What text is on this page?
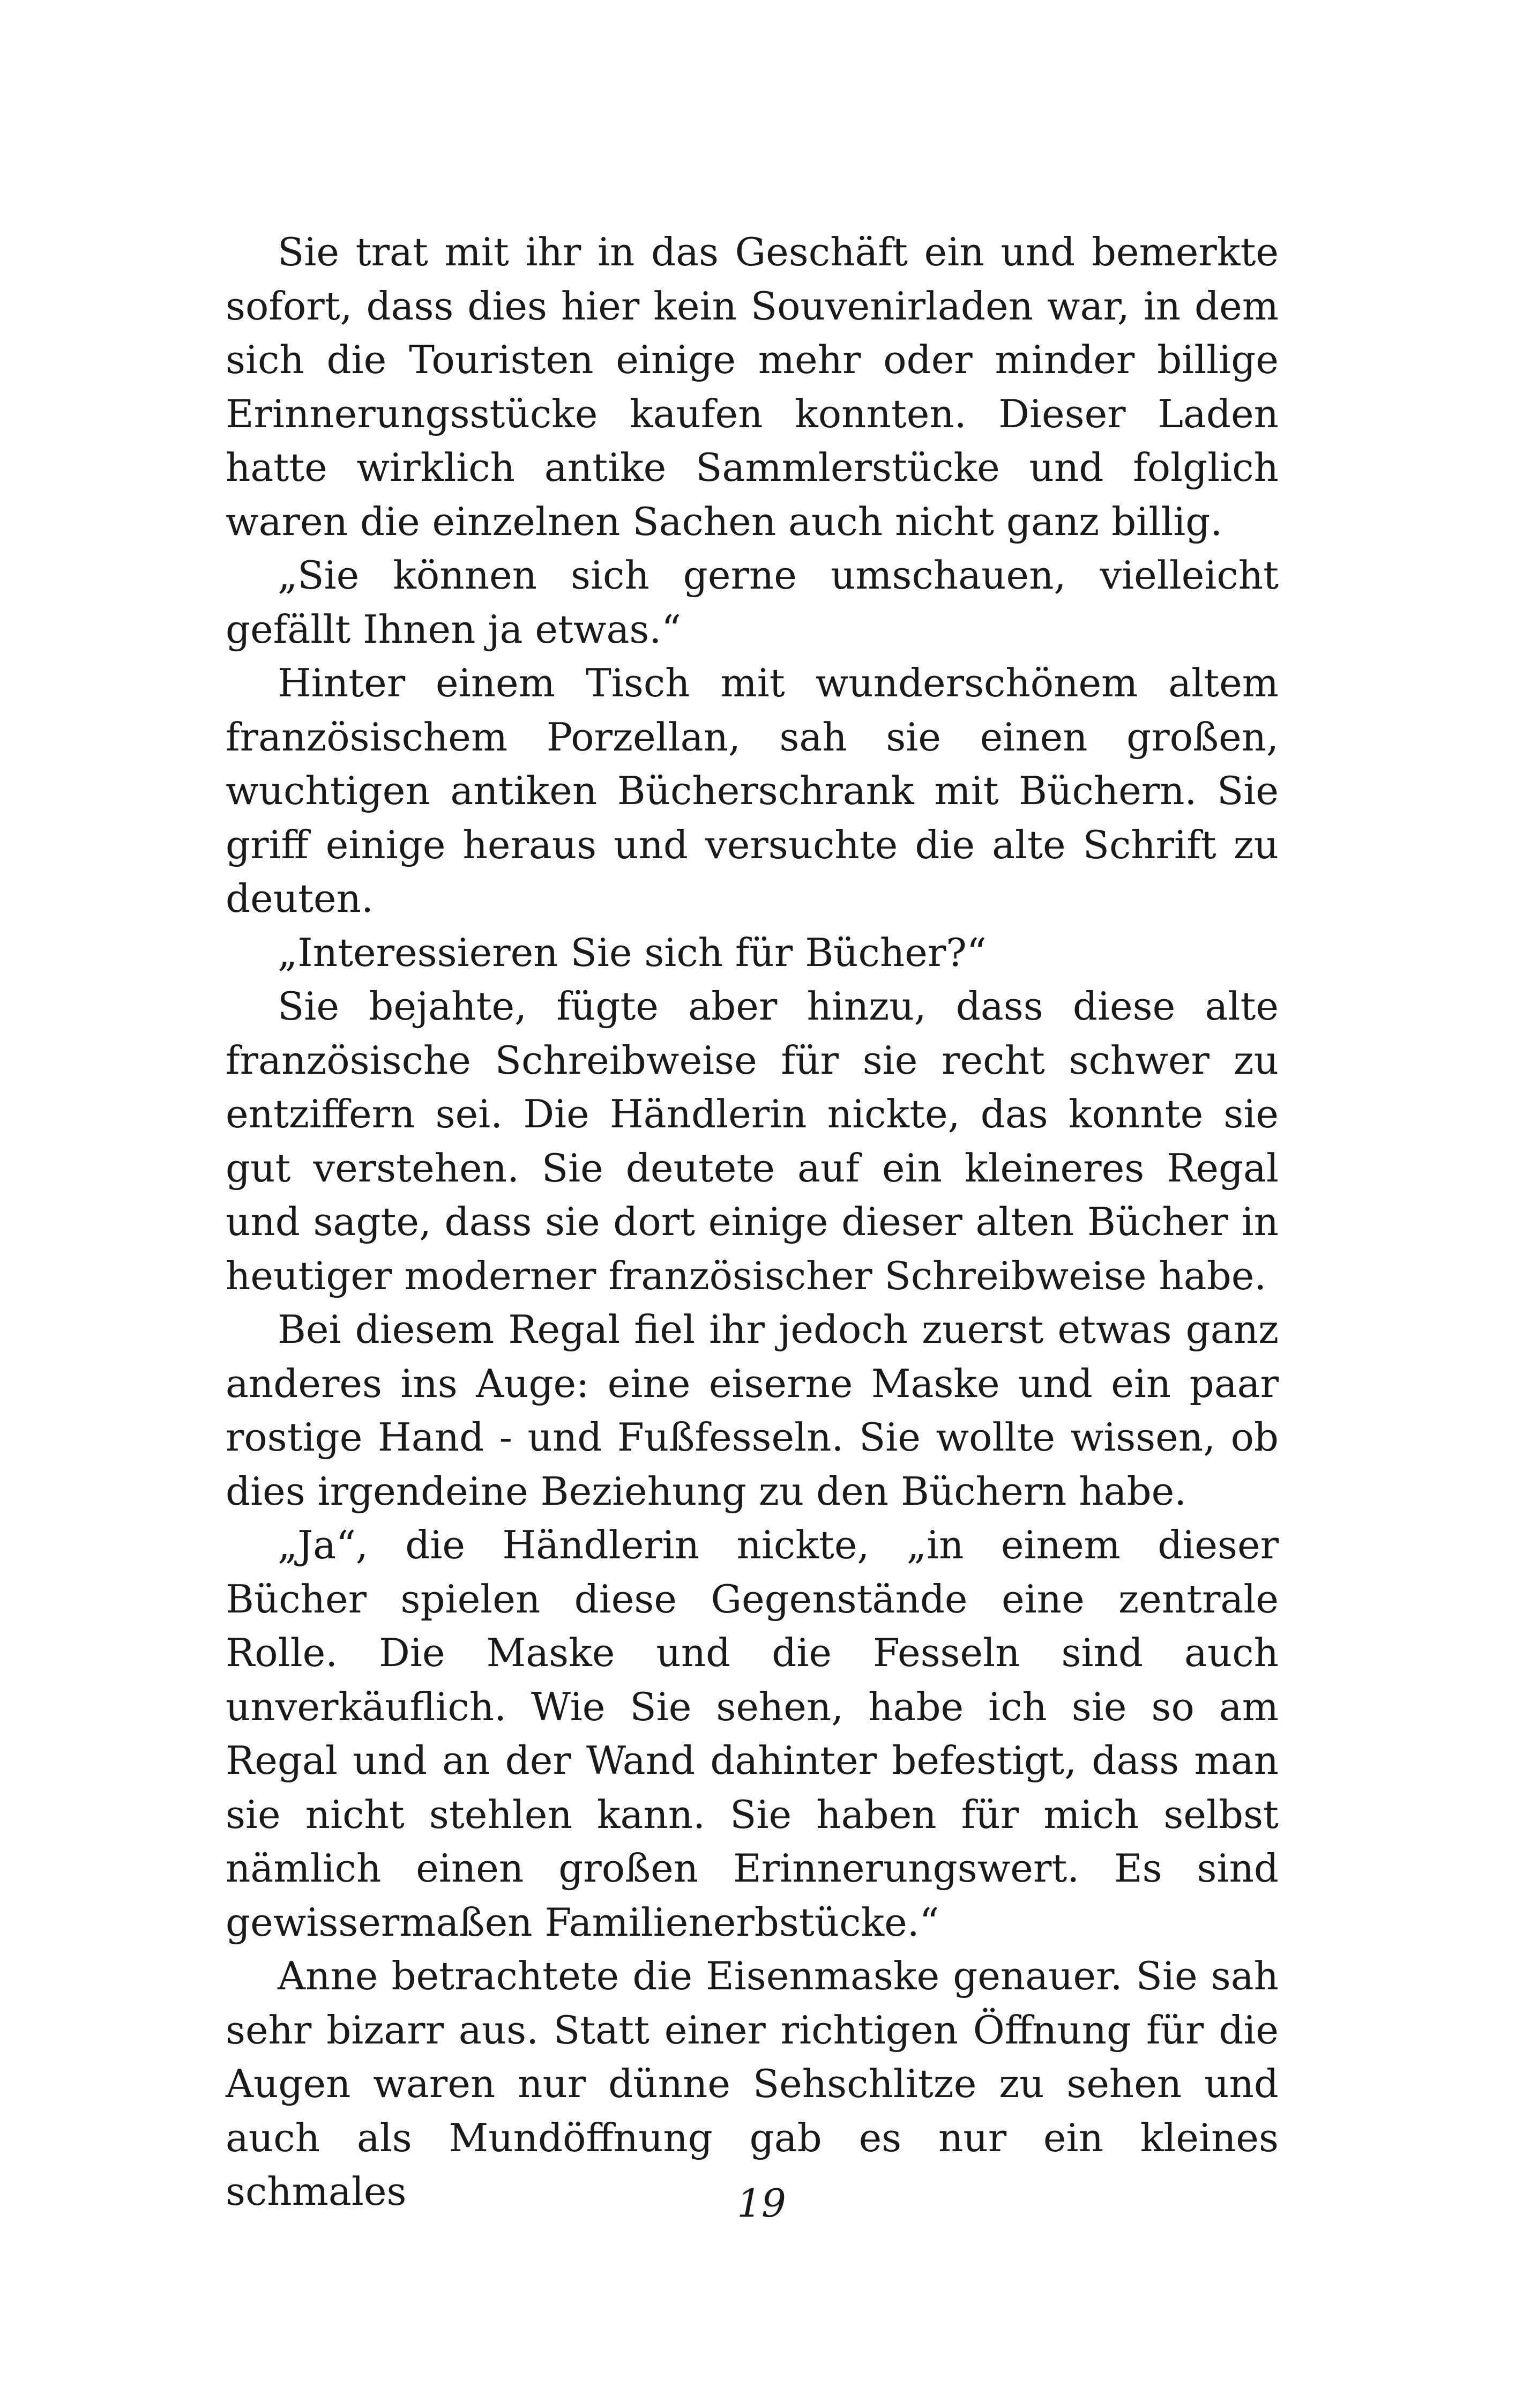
Sie trat mit ihr in das Geschäft ein und bemerkte sofort, dass dies hier kein Souvenirladen war, in dem sich die Touristen einige mehr oder minder billige Erinnerungsstücke kaufen konnten. Dieser Laden hatte wirklich antike Sammlerstücke und folglich waren die einzelnen Sachen auch nicht ganz billig.

„Sie können sich gerne umschauen, vielleicht gefällt Ihnen ja etwas.“

Hinter einem Tisch mit wunderschönem altem französischem Porzellan, sah sie einen großen, wuchtigen antiken Bücherschrank mit Büchern. Sie griff einige heraus und versuchte die alte Schrift zu deuten.

„Interessieren Sie sich für Bücher?“

Sie bejahte, fügte aber hinzu, dass diese alte französische Schreibweise für sie recht schwer zu entziffern sei. Die Händlerin nickte, das konnte sie gut verstehen. Sie deutete auf ein kleineres Regal und sagte, dass sie dort einige dieser alten Bücher in heutiger moderner französischer Schreibweise habe.

Bei diesem Regal fiel ihr jedoch zuerst etwas ganz anderes ins Auge: eine eiserne Maske und ein paar rostige Hand - und Fußfesseln. Sie wollte wissen, ob dies irgendeine Beziehung zu den Büchern habe.

„Ja“, die Händlerin nickte, „in einem dieser Bücher spielen diese Gegenstände eine zentrale Rolle. Die Maske und die Fesseln sind auch unverkäuflich. Wie Sie sehen, habe ich sie so am Regal und an der Wand dahinter befestigt, dass man sie nicht stehlen kann. Sie haben für mich selbst nämlich einen großen Erinnerungswert. Es sind gewissermaßen Familienerbstücke.“

Anne betrachtete die Eisenmaske genauer. Sie sah sehr bizarr aus. Statt einer richtigen Öffnung für die Augen waren nur dünne Sehschlitze zu sehen und auch als Mundöffnung gab es nur ein kleines schmales	19
